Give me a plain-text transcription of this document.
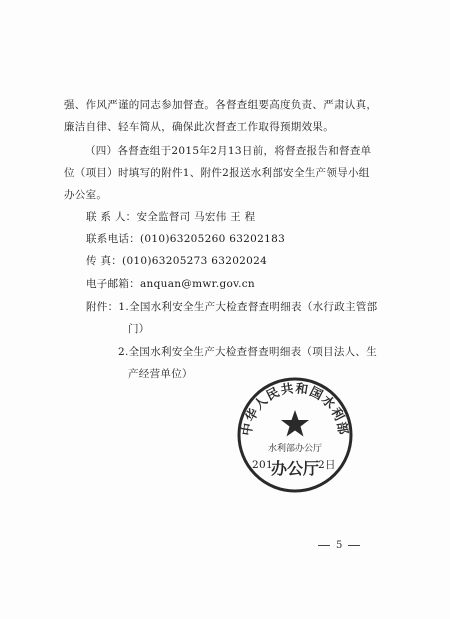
强、作风严谨的同志参加督查。各督查组要高度负责、严肃认真，
廉洁自律、轻车简从，确保此次督查工作取得预期效果。
（四）各督查组于2015年2月13日前，将督查报告和督查单
位（项目）时填写的附件1、附件2报送水利部安全生产领导小组
办公室。
联 系 人：安全监督司 马宏伟 王 程
联系电话：(010)63205260 63202183
传 真：(010)63205273 63202024
电子邮箱：anquan@mwr.gov.cn
附件：1.全国水利安全生产大检查督查明细表（水行政主管部
门）
2.全国水利安全生产大检查督查明细表（项目法人、生
产经营单位）
中华人民共和国水利部
水利部办公厅
办公厅
201	2日
5
